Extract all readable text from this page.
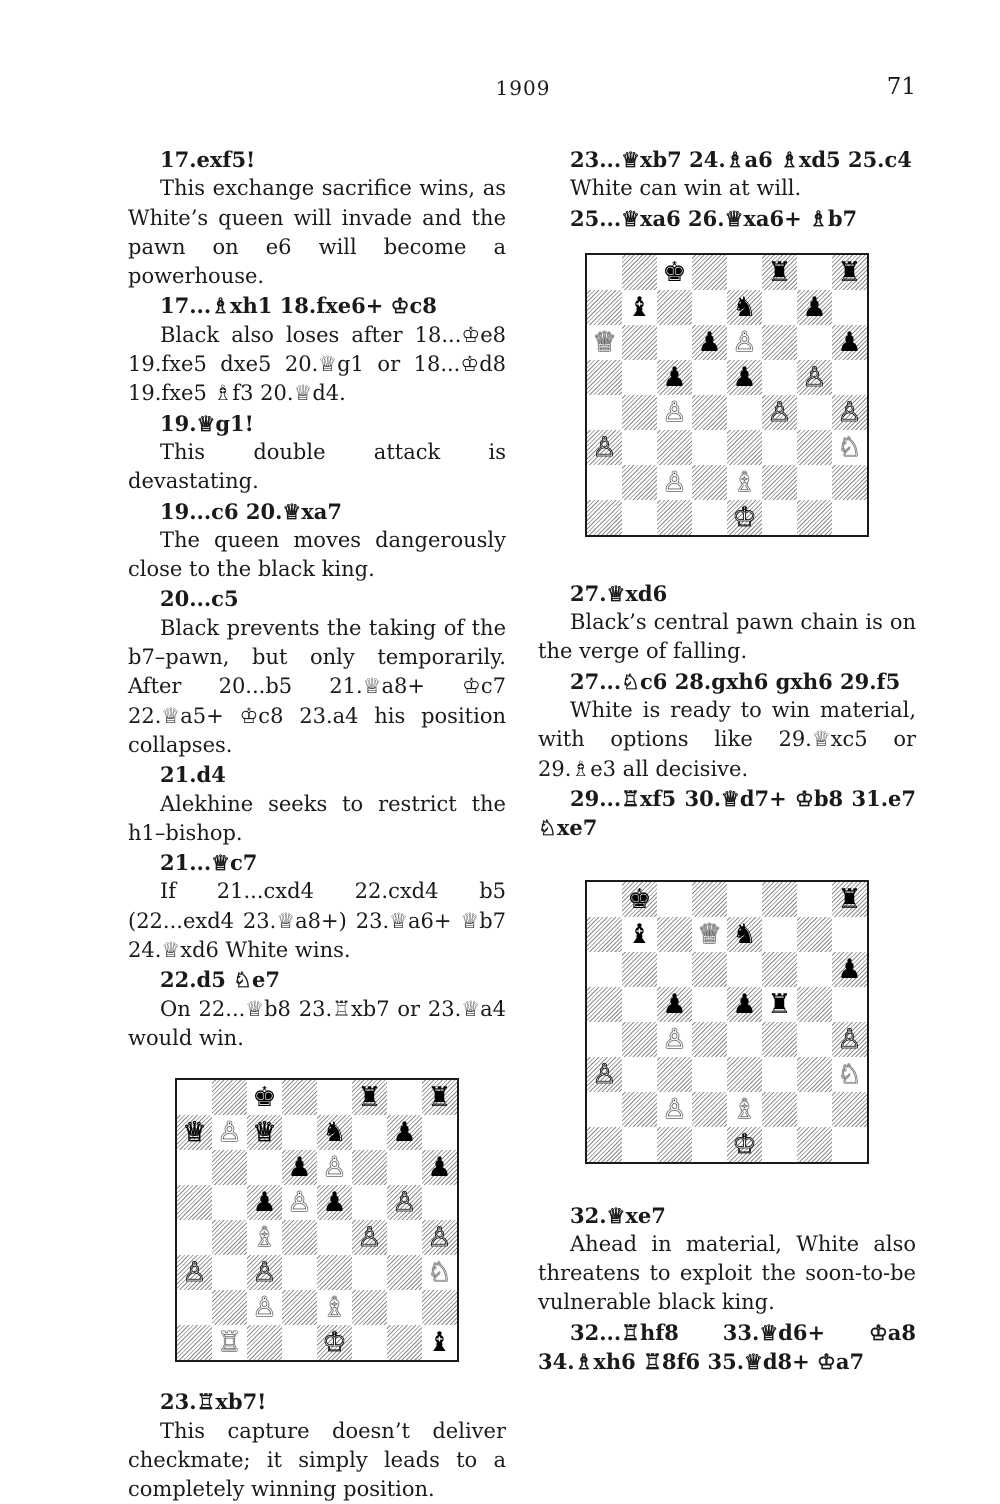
1909	71

17.exf5!

This exchange sacrifice wins, as White’s queen will invade and the pawn on e6 will become a powerhouse.

17...♗xh1 18.fxe6+ ♔c8

Black also loses after 18...♔e8 19.fxe5 dxe5 20.♕g1 or 18...♔d8 19.fxe5 ♗f3 20.♕d4.

19.♕g1!

This double attack is devastating.

19...c6 20.♕xa7

The queen moves dangerously close to the black king.

20...c5

Black prevents the taking of the b7–pawn, but only temporarily. After 20...b5 21.♕a8+ ♔c7 22.♕a5+ ♔c8 23.a4 his position collapses.

21.d4

Alekhine seeks to restrict the h1–bishop.

21...♕c7

If 21...cxd4 22.cxd4 b5 (22...exd4 23.♕a8+) 23.♕a6+ ♕b7 24.♕xd6 White wins.

22.d5 ♘e7

On 22...♕b8 23.♖xb7 or 23.♕a4 would win.

♚	♜ ♜
♕ ♙ ♕ ♞ ♟
♟ ♙	♟
♟ ♙ ♟ ♙
♗	♙ ♙
♙ ♙	♘
♙ ♗
♖	♔	♝

23.♖xb7!

This capture doesn’t deliver checkmate; it simply leads to a completely winning position.

23...♕xb7 24.♗a6 ♗xd5 25.c4

White can win at will.

25...♕xa6 26.♕xa6+ ♗b7

♚	♜ ♜
♝	♞ ♟
♕	♟ ♙	♟
♟ ♟ ♙
♙	♙ ♙
♙	♘
♙ ♗
♔

27.♕xd6

Black’s central pawn chain is on the verge of falling.

27...♘c6 28.gxh6 gxh6 29.f5

White is ready to win material, with options like 29.♕xc5 or 29.♗e3 all decisive.

29...♖xf5 30.♕d7+ ♔b8 31.e7 ♘xe7

♚	♜
♝ ♕ ♞
♟
♟ ♟ ♜
♙	♙
♙	♘
♙ ♗
♔

32.♕xe7

Ahead in material, White also threatens to exploit the soon-to-be vulnerable black king.

32...♖hf8 33.♕d6+ ♔a8 34.♗xh6 ♖8f6 35.♕d8+ ♔a7
